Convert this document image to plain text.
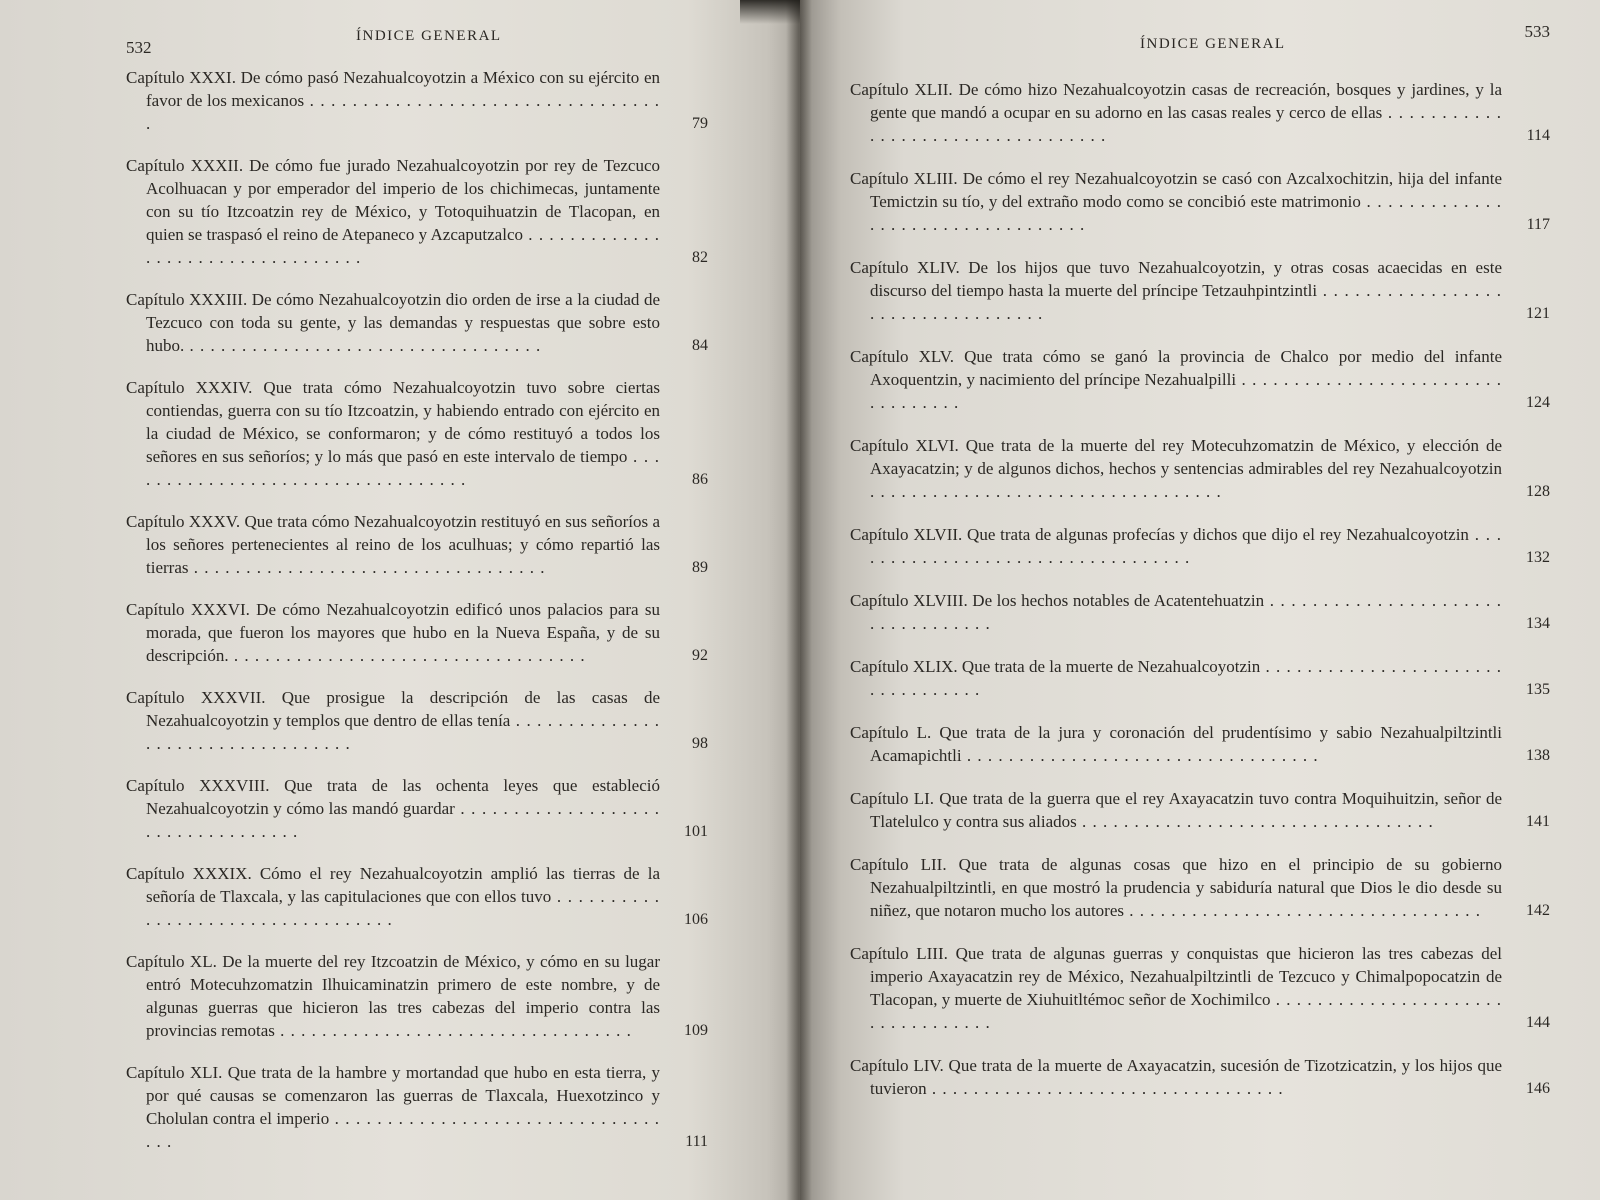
532
ÍNDICE GENERAL
Capítulo XXXI. De cómo pasó Nezahualcoyotzin a México con su ejército en favor de los mexicanos . . .
79
Capítulo XXXII. De cómo fue jurado Nezahualcoyotzin por rey de Tezcuco Acolhuacan y por emperador del imperio de los chichimecas, juntamente con su tío Itzcoatzin rey de México, y Totoquihuatzin de Tlacopan, en quien se traspasó el reino de Atepaneco y Azcaputzalco . . .
82
Capítulo XXXIII. De cómo Nezahualcoyotzin dio orden de irse a la ciudad de Tezcuco con toda su gente, y las demandas y respuestas que sobre esto hubo. . . .	84
Capítulo XXXIV. Que trata cómo Nezahualcoyotzin tuvo sobre ciertas contiendas, guerra con su tío Itzcoatzin, y habiendo entrado con ejército en la ciudad de México, se conformaron; y de cómo restituyó a todos los señores en sus señoríos; y lo más que pasó en este intervalo de tiempo . . .
86
Capítulo XXXV. Que trata cómo Nezahualcoyotzin restituyó en sus señoríos a los señores pertenecientes al reino de los aculhuas; y cómo repartió las tierras . . .	89
Capítulo XXXVI. De cómo Nezahualcoyotzin edificó unos palacios para su morada, que fueron los mayores que hubo en la Nueva España, y de su descripción. . . .	92
Capítulo XXXVII. Que prosigue la descripción de las casas de Nezahualcoyotzin y templos que dentro de ellas tenía . . .
98
Capítulo XXXVIII. Que trata de las ochenta leyes que estableció Nezahualcoyotzin y cómo las mandó guardar . . .
101
Capítulo XXXIX. Cómo el rey Nezahualcoyotzin amplió las tierras de la señoría de Tlaxcala, y las capitulaciones que con ellos tuvo . . .
106
Capítulo XL. De la muerte del rey Itzcoatzin de México, y cómo en su lugar entró Motecuhzomatzin Ilhuicaminatzin primero de este nombre, y de algunas guerras que hicieron las tres cabezas del imperio contra las provincias remotas . . .	109
Capítulo XLI. Que trata de la hambre y mortandad que hubo en esta tierra, y por qué causas se comenzaron las guerras de Tlaxcala, Huexotzinco y Cholulan contra el imperio . . .
111
ÍNDICE GENERAL
533
Capítulo XLII. De cómo hizo Nezahualcoyotzin casas de recreación, bosques y jardines, y la gente que mandó a ocupar en su adorno en las casas reales y cerco de ellas . . .
114
Capítulo XLIII. De cómo el rey Nezahualcoyotzin se casó con Azcalxochitzin, hija del infante Temictzin su tío, y del extraño modo como se concibió este matrimonio . . .
117
Capítulo XLIV. De los hijos que tuvo Nezahualcoyotzin, y otras cosas acaecidas en este discurso del tiempo hasta la muerte del príncipe Tetzauhpintzintli . . .
121
Capítulo XLV. Que trata cómo se ganó la provincia de Chalco por medio del infante Axoquentzin, y nacimiento del príncipe Nezahualpilli . . .
124
Capítulo XLVI. Que trata de la muerte del rey Motecuhzomatzin de México, y elección de Axayacatzin; y de algunos dichos, hechos y sentencias admirables del rey Nezahualcoyotzin . . .
128
Capítulo XLVII. Que trata de algunas profecías y dichos que dijo el rey Nezahualcoyotzin . . .
132
Capítulo XLVIII. De los hechos notables de Acatentehuatzin . . .
134
Capítulo XLIX. Que trata de la muerte de Nezahualcoyotzin . . .
135
Capítulo L. Que trata de la jura y coronación del prudentísimo y sabio Nezahualpiltzintli Acamapichtli . . .	138
Capítulo LI. Que trata de la guerra que el rey Axayacatzin tuvo contra Moquihuitzin, señor de Tlatelulco y contra sus aliados . . .	141
Capítulo LII. Que trata de algunas cosas que hizo en el principio de su gobierno Nezahualpiltzintli, en que mostró la prudencia y sabiduría natural que Dios le dio desde su niñez, que notaron mucho los autores . . .	142
Capítulo LIII. Que trata de algunas guerras y conquistas que hicieron las tres cabezas del imperio Axayacatzin rey de México, Nezahualpiltzintli de Tezcuco y Chimalpopocatzin de Tlacopan, y muerte de Xiuhuitltémoc señor de Xochimilco . . .
144
Capítulo LIV. Que trata de la muerte de Axayacatzin, sucesión de Tizotzicatzin, y los hijos que tuvieron . . .	146
